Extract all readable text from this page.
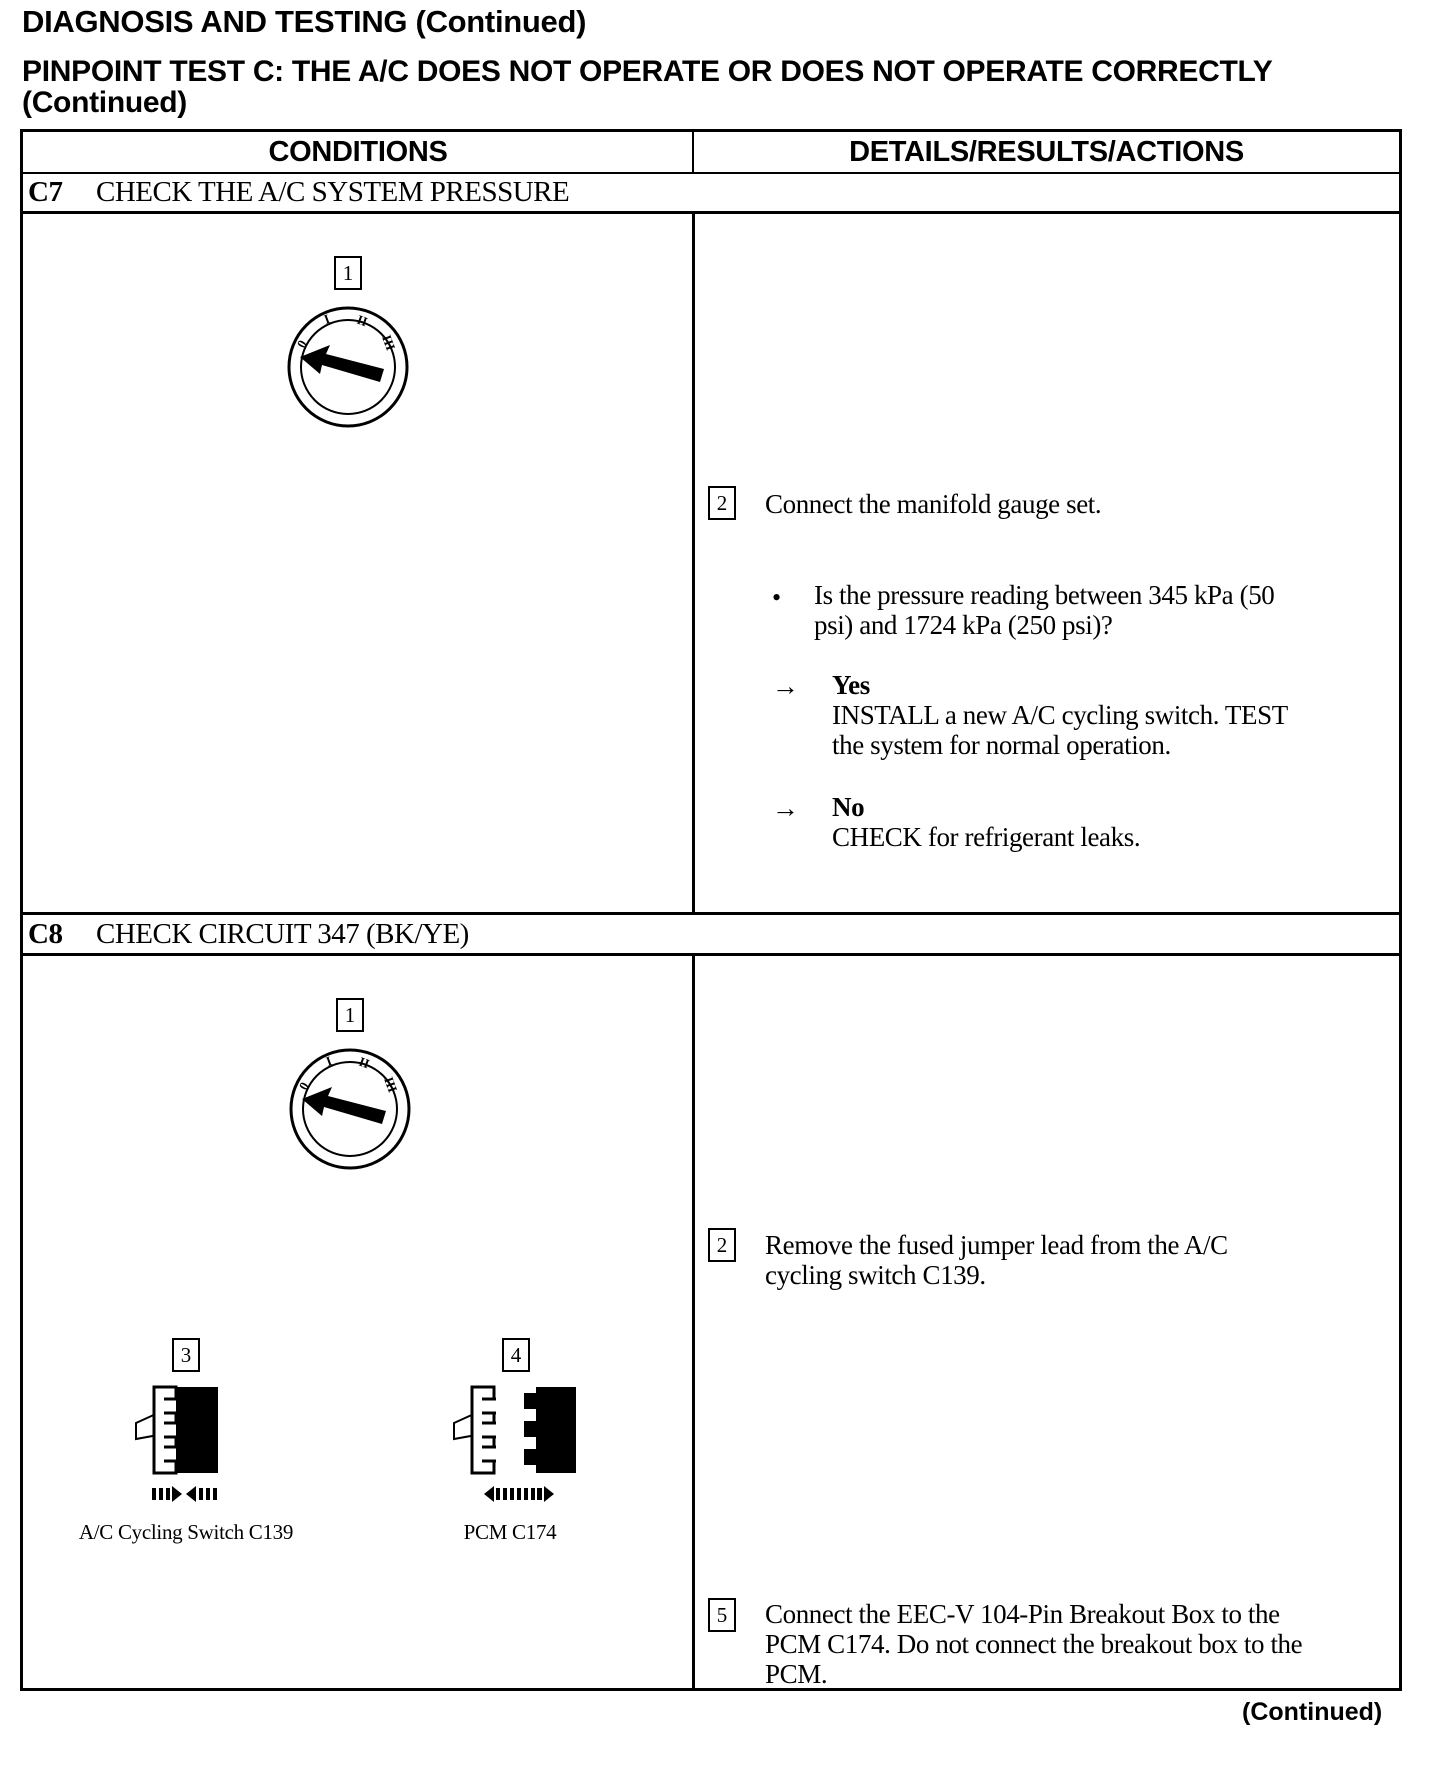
DIAGNOSIS AND TESTING (Continued)
PINPOINT TEST C: THE A/C DOES NOT OPERATE OR DOES NOT OPERATE CORRECTLY
(Continued)
CONDITIONS	DETAILS/RESULTS/ACTIONS
C7 CHECK THE A/C SYSTEM PRESSURE
1
0
I II
III
2	Connect the manifold gauge set.
• Is the pressure reading between 345 kPa (50
psi) and 1724 kPa (250 psi)?
→ Yes
INSTALL a new A/C cycling switch. TEST
the system for normal operation.
→ No
CHECK for refrigerant leaks.
C8 CHECK CIRCUIT 347 (BK/YE)
1
0
I II
III
2	Remove the fused jumper lead from the A/C
cycling switch C139.
3
A/C Cycling Switch C139
4
PCM C174
5	Connect the EEC-V 104-Pin Breakout Box to the
PCM C174. Do not connect the breakout box to the
PCM.
(Continued)
